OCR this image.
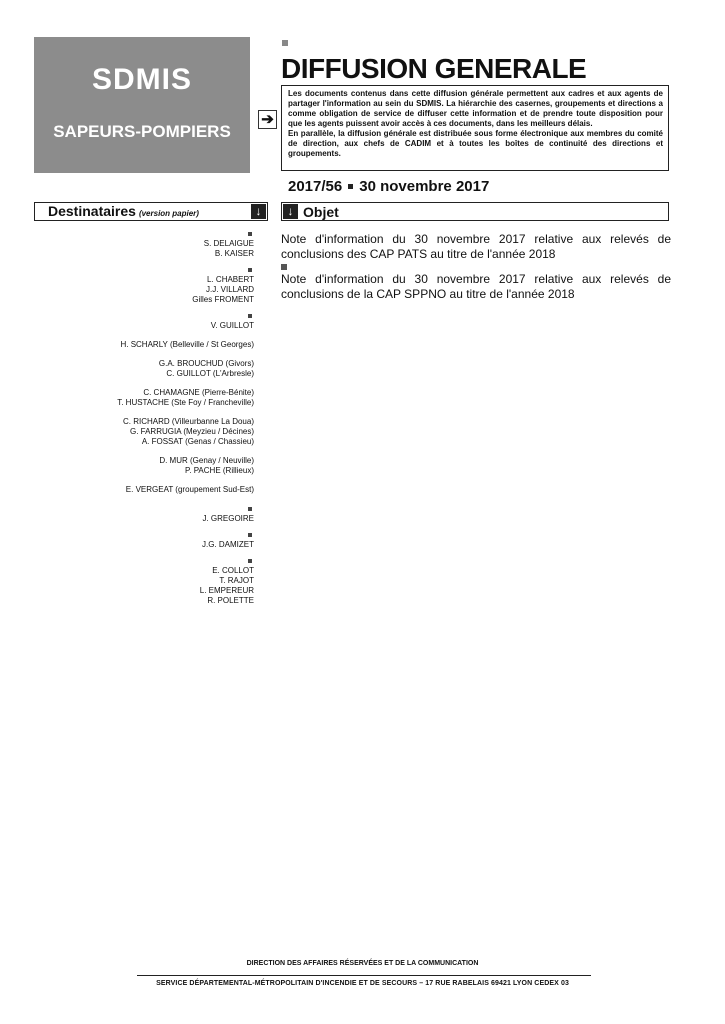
SDMIS
SAPEURS-POMPIERS
➔
DIFFUSION GENERALE

Les documents contenus dans cette diffusion générale permettent aux cadres et aux agents de partager l'information au sein du SDMIS. La hiérarchie des casernes, groupements et directions a comme obligation de service de diffuser cette information et de prendre toute disposition pour que les agents puissent avoir accès à ces documents, dans les meilleurs délais.

En parallèle, la diffusion générale est distribuée sous forme électronique aux membres du comité de direction, aux chefs de CADIM et à toutes les boîtes de continuité des directions et groupements.

2017/56 30 novembre 2017
Destinataires (version papier)	↓	↓ Objet
S. DELAIGUE
B. KAISER
L. CHABERT
J.J. VILLARD
Gilles FROMENT
V. GUILLOT
H. SCHARLY (Belleville / St Georges)
G.A. BROUCHUD (Givors)
C. GUILLOT (L'Arbresle)
C. CHAMAGNE (Pierre-Bénite)
T. HUSTACHE (Ste Foy / Francheville)
C. RICHARD (Villeurbanne La Doua)
G. FARRUGIA (Meyzieu / Décines)
A. FOSSAT (Genas / Chassieu)
D. MUR (Genay / Neuville)
P. PACHE (Rillieux)
E. VERGEAT (groupement Sud-Est)
J. GREGOIRE
J.G. DAMIZET
E. COLLOT
T. RAJOT
L. EMPEREUR
R. POLETTE

Note d'information du 30 novembre 2017 relative aux relevés de conclusions des CAP PATS au titre de l'année 2018

Note d'information du 30 novembre 2017 relative aux relevés de conclusions de la CAP SPPNO au titre de l'année 2018

DIRECTION DES AFFAIRES RÉSERVÉES ET DE LA COMMUNICATION
SERVICE DÉPARTEMENTAL-MÉTROPOLITAIN D'INCENDIE ET DE SECOURS – 17 RUE RABELAIS 69421 LYON CEDEX 03
